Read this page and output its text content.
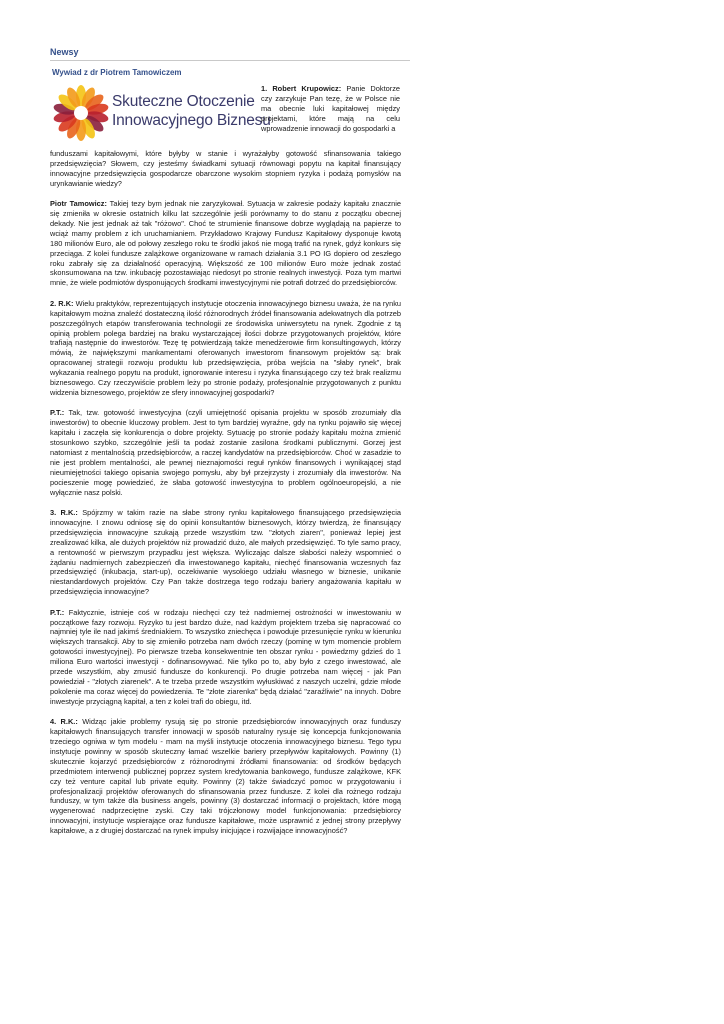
Newsy
Wywiad z dr Piotrem Tamowiczem
Skuteczne Otoczenie
Innowacyjnego Biznesu
1. Robert Krupowicz: Panie Doktorze czy zarzykuje Pan tezę, że w Polsce nie ma obecnie luki kapitałowej między projektami, które mają na celu wprowadzenie innowacji do gospodarki a

funduszami kapitałowymi, które byłyby w stanie i wyrażałyby gotowość sfinansowania takiego przedsięwzięcia? Słowem, czy jesteśmy świadkami sytuacji równowagi popytu na kapitał finansujący innowacyjne przedsięwzięcia gospodarcze obarczone wysokim stopniem ryzyka i podażą pomysłów na urynkawianie wiedzy?

Piotr Tamowicz: Takiej tezy bym jednak nie zaryzykował. Sytuacja w zakresie podaży kapitału znacznie się zmieniła w okresie ostatnich kilku lat szczególnie jeśli porównamy to do stanu z początku obecnej dekady. Nie jest jednak aż tak "różowo". Choć te strumienie finansowe dobrze wyglądają na papierze to wciąż mamy problem z ich uruchamianiem. Przykładowo Krajowy Fundusz Kapitałowy dysponuje kwotą 180 milionów Euro, ale od połowy zeszłego roku te środki jakoś nie mogą trafić na rynek, gdyż konkurs się przeciąga. Z kolei fundusze zalążkowe organizowane w ramach działania 3.1 PO IG dopiero od zeszłego roku zabrały się za działalność operacyjną. Większość ze 100 milionów Euro może jednak zostać skonsumowana na tzw. inkubację pozostawiając niedosyt po stronie realnych inwestycji. Poza tym martwi mnie, że wiele podmiotów dysponujących środkami inwestycyjnymi nie potrafi dotrzeć do przedsiębiorców.

2. R.K: Wielu praktyków, reprezentujących instytucje otoczenia innowacyjnego biznesu uważa, że na rynku kapitałowym można znaleźć dostateczną ilość różnorodnych źródeł finansowania adekwatnych dla potrzeb poszczególnych etapów transferowania technologii ze środowiska uniwersytetu na rynek. Zgodnie z tą opinią problem polega bardziej na braku wystarczającej ilości dobrze przygotowanych projektów, które trafiają następnie do inwestorów. Tezę tę potwierdzają także menedżerowie firm konsultingowych, którzy mówią, że największymi mankamentami oferowanych inwestorom finansowym projektów są: brak opracowanej strategii rozwoju produktu lub przedsięwzięcia, próba wejścia na "słaby rynek", brak wykazania realnego popytu na produkt, ignorowanie interesu i ryzyka finansującego czy też brak realizmu biznesowego. Czy rzeczywiście problem leży po stronie podaży, profesjonalnie przygotowanych z punktu widzenia biznesowego, projektów ze sfery innowacyjnej gospodarki?

P.T.: Tak, tzw. gotowość inwestycyjna (czyli umiejętność opisania projektu w sposób zrozumiały dla inwestorów) to obecnie kluczowy problem. Jest to tym bardziej wyraźne, gdy na rynku pojawiło się więcej kapitału i zaczęła się konkurencja o dobre projekty. Sytuację po stronie podaży kapitału można zmienić stosunkowo szybko, szczególnie jeśli ta podaż zostanie zasilona środkami publicznymi. Gorzej jest natomiast z mentalnością przedsiębiorców, a raczej kandydatów na przedsiębiorców. Choć w zasadzie to nie jest problem mentalności, ale pewnej nieznajomości reguł rynków finansowych i wynikającej stąd nieumiejętności takiego opisania swojego pomysłu, aby był przejrzysty i zrozumiały dla inwestorów. Na pocieszenie mogę powiedzieć, że słaba gotowość inwestycyjna to problem ogólnoeuropejski, a nie wyłącznie nasz polski.

3. R.K.: Spójrzmy w takim razie na słabe strony rynku kapitałowego finansującego przedsięwzięcia innowacyjne. I znowu odniosę się do opinii konsultantów biznesowych, którzy twierdzą, że finansujący przedsięwzięcia innowacyjne szukają przede wszystkim tzw. "złotych ziaren", ponieważ lepiej jest zrealizować kilka, ale dużych projektów niż prowadzić dużo, ale małych przedsięwzięć. To tyle samo pracy, a rentowność w pierwszym przypadku jest większa. Wyliczając dalsze słabości należy wspomnieć o żądaniu nadmiernych zabezpieczeń dla inwestowanego kapitału, niechęć finansowania wczesnych faz przedsięwzięć (inkubacja, start-up), oczekiwanie wysokiego udziału własnego w biznesie, unikanie niestandardowych projektów. Czy Pan także dostrzega tego rodzaju bariery angażowania kapitału w przedsięwzięcia innowacyjne?

P.T.: Faktycznie, istnieje coś w rodzaju niechęci czy też nadmiernej ostrożności w inwestowaniu w początkowe fazy rozwoju. Ryzyko tu jest bardzo duże, nad każdym projektem trzeba się napracować co najmniej tyle ile nad jakimś średniakiem. To wszystko zniechęca i powoduje przesunięcie rynku w kierunku większych transakcji. Aby to się zmieniło potrzeba nam dwóch rzeczy (pominę w tym momencie problem gotowości inwestycyjnej). Po pierwsze trzeba konsekwentnie ten obszar rynku - powiedzmy gdzieś do 1 miliona Euro wartości inwestycji - dofinansowywać. Nie tylko po to, aby było z czego inwestować, ale przede wszystkim, aby zmusić fundusze do konkurencji. Po drugie potrzeba nam więcej - jak Pan powiedział - "złotych ziarenek". A te trzeba przede wszystkim wyłuskiwać z naszych uczelni, gdzie młode pokolenie ma coraz więcej do powiedzenia. Te "złote ziarenka" będą działać "zaraźliwie" na innych. Dobre inwestycje przyciągną kapitał, a ten z kolei trafi do obiegu, itd.

4. R.K.: Widząc jakie problemy rysują się po stronie przedsiębiorców innowacyjnych oraz funduszy kapitałowych finansujących transfer innowacji w sposób naturalny rysuje się koncepcja funkcjonowania trzeciego ogniwa w tym modelu - mam na myśli instytucje otoczenia innowacyjnego biznesu. Tego typu instytucje powinny w sposób skuteczny łamać wszelkie bariery przepływów kapitałowych. Powinny (1) skutecznie kojarzyć przedsiębiorców z różnorodnymi źródłami finansowania: od środków będących przedmiotem interwencji publicznej poprzez system kredytowania bankowego, fundusze zalążkowe, KFK czy też venture capital lub private equity. Powinny (2) także świadczyć pomoc w przygotowaniu i profesjonalizacji projektów oferowanych do sfinansowania przez fundusze. Z kolei dla rożnego rodzaju funduszy, w tym także dla business angels, powinny (3) dostarczać informacji o projektach, które mogą wygenerować nadprzeciętne zyski. Czy taki trójczłonowy model funkcjonowania: przedsiębiorcy innowacyjni, instytucje wspierające oraz fundusze kapitałowe, może usprawnić z jednej strony przepływy kapitałowe, a z drugiej dostarczać na rynek impulsy inicjujące i rozwijające innowacyjność?
